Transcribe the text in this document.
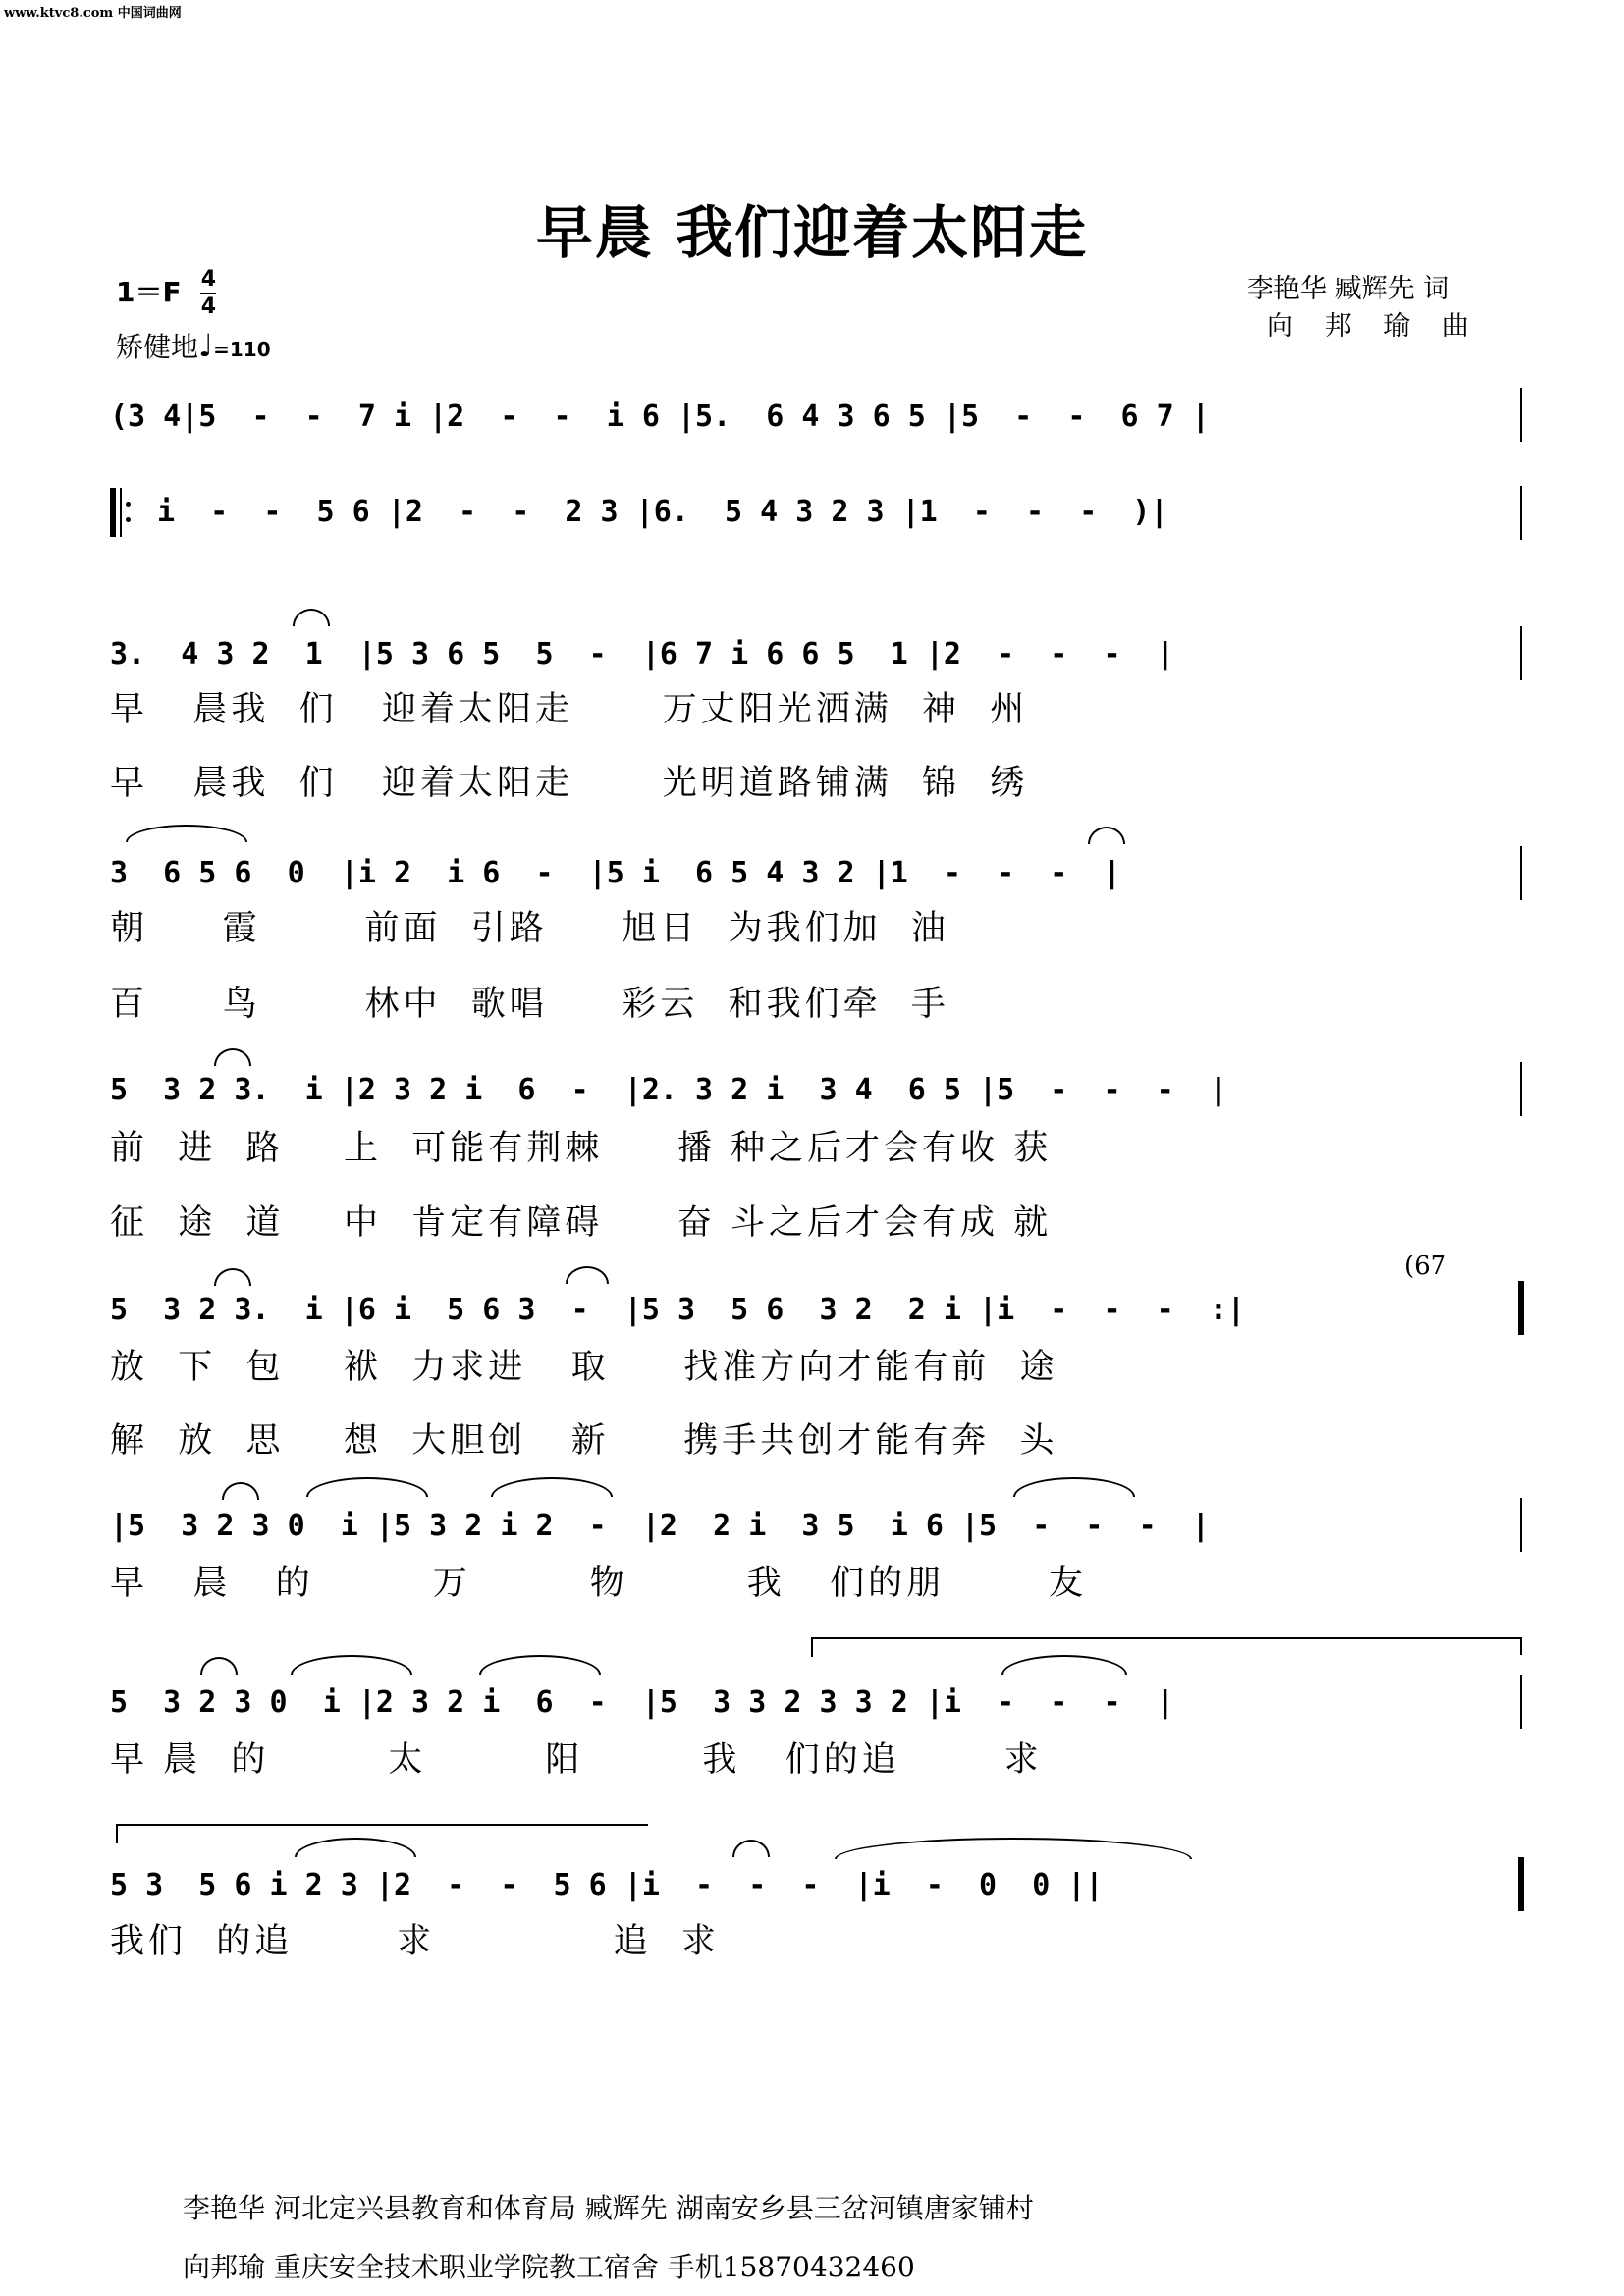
www.ktvc8.com 中国词曲网
早晨 我们迎着太阳走
李艳华 臧辉先 词
向 邦 瑜 曲
$1=F \frac{4}{4}$
矫健地♩=110
(3 4|5  -  -  7 i |2  -  -  i 6 |5.  6 4 3 6 5 |5  -  -  6 7 |
i  -  -  5 6 |2  -  -  2 3 |6.  5 4 3 2 3 |1  -  -  -  )|
3.  4 3 2  1  |5 3 6 5  5  -  |6 7 i 6 6 5  1 |2  -  -  -  |
早   晨我  们   迎着太阳走      万丈阳光洒满  神  州
早   晨我  们   迎着太阳走      光明道路铺满  锦  绣
3  6 5 6  0  |i 2  i 6  -  |5 i  6 5 4 3 2 |1  -  -  -  |
朝     霞       前面  引路     旭日  为我们加  油
百     鸟       林中  歌唱     彩云  和我们牵  手
5  3 2 3.  i |2 3 2 i  6  -  |2. 3 2 i  3 4  6 5 |5  -  -  -  |
前  进  路    上  可能有荆棘     播 种之后才会有收 获
征  途  道    中  肯定有障碍     奋 斗之后才会有成 就
(67
5  3 2 3.  i |6 i  5 6 3  -  |5 3  5 6  3 2  2 i |i  -  -  -  :|
放  下  包    袱  力求进   取     找准方向才能有前  途
解  放  思    想  大胆创   新     携手共创才能有奔  头
|5  3 2 3 0  i |5 3 2 i 2  -  |2  2 i  3 5  i 6 |5  -  -  -  |
早   晨   的        万        物        我   们的朋       友
5  3 2 3 0  i |2 3 2 i  6  -  |5  3 3 2 3 3 2 |i  -  -  -  |
早 晨  的        太        阳        我   们的追       求
5 3  5 6 i 2 3 |2  -  -  5 6 |i  -  -  -  |i  -  0  0 ||
我们  的追       求            追  求
李艳华 河北定兴县教育和体育局 臧辉先 湖南安乡县三岔河镇唐家铺村
向邦瑜 重庆安全技术职业学院教工宿舍 手机15870432460
